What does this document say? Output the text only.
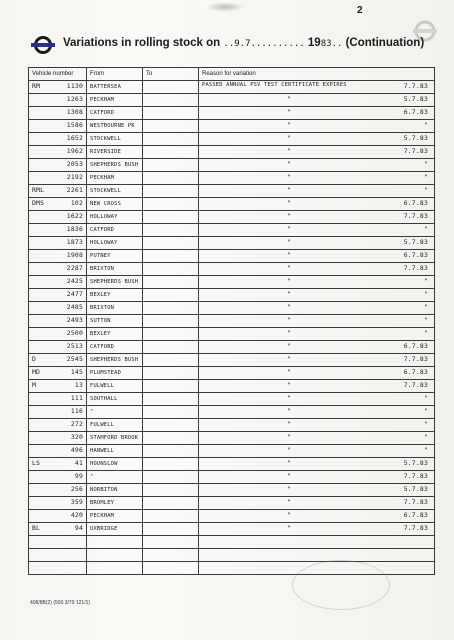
2
Variations in rolling stock on ..9.7.......... 1983.. (Continuation)
Vehicle number	From	To	Reason for variation

RM 1130	BATTERSEA		PASSED ANNUAL PSV TEST CERTIFICATE EXPIRES 7.7.83

1263	PECKHAM		" 5.7.83

1308	CATFORD		" 6.7.83

1586	WESTBOURNE PK		" "

1652	STOCKWELL		" 5.7.83

1962	RIVERSIDE		" 7.7.83

2053	SHEPHERDS BUSH		" "

2192	PECKHAM		" "

RML 2261	STOCKWELL		" "

DMS 102	NEW CROSS		" 6.7.83

1622	HOLLOWAY		" 7.7.83

1836	CATFORD		" "

1873	HOLLOWAY		" 5.7.83

1908	PUTNEY		" 6.7.83

2287	BRIXTON		" 7.7.83

2425	SHEPHERDS BUSH		" "

2477	BEXLEY		" "

2485	BRIXTON		" "

2493	SUTTON		" "

2500	BEXLEY		" "

2513	CATFORD		" 6.7.83

D 2545	SHEPHERDS BUSH		" 7.7.83

MD 145	PLUMSTEAD		" 6.7.83

M 13	FULWELL		" 7.7.83

111	SOUTHALL		" "

116	"		" "

272	FULWELL		" "

320	STAMFORD BROOK		" "

496	HANWELL		" "

LS 41	HOUNSLOW		" 5.7.83

99	"		" 7.7.83

256	NORBITON		" 5.7.83

359	BROMLEY		" 7.7.83

420	PECKHAM		" 6.7.83

BL 94	UXBRIDGE		" 7.7.83

408/8B(2) (500 3/79 121/1)
